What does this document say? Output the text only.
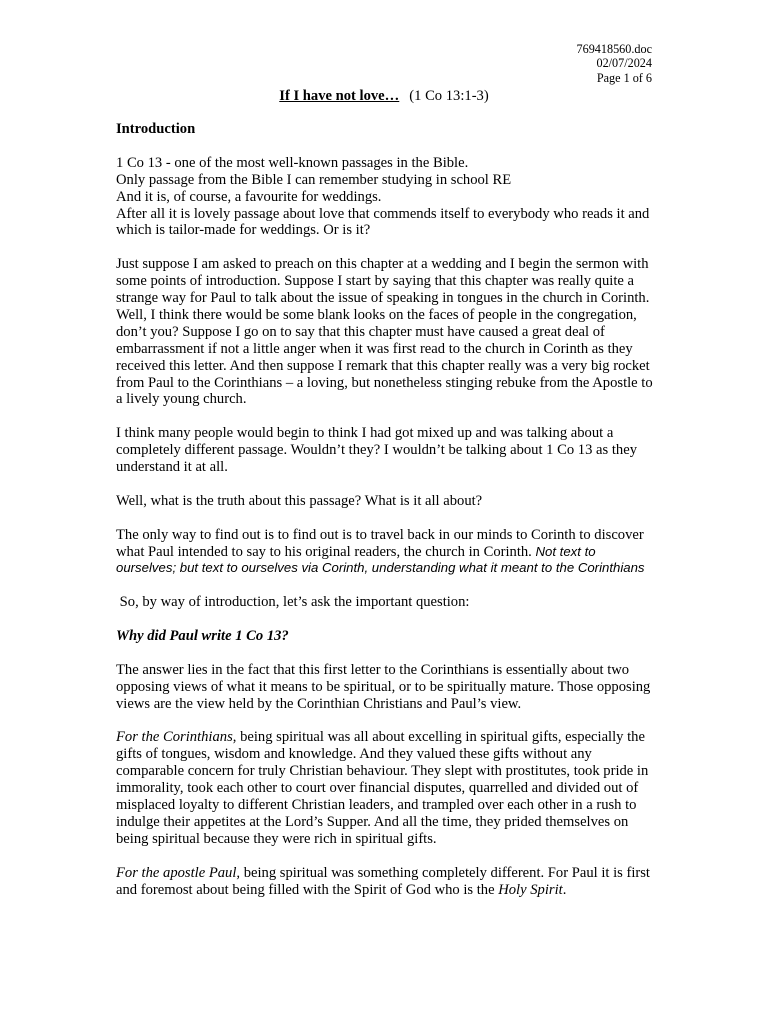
769418560.doc
02/07/2024
Page 1 of 6
If I have not love… (1 Co 13:1-3)

Introduction

1 Co 13 - one of the most well-known passages in the Bible.

Only passage from the Bible I can remember studying in school RE

And it is, of course, a favourite for weddings.

After all it is lovely passage about love that commends itself to everybody who reads it and which is tailor-made for weddings. Or is it?

Just suppose I am asked to preach on this chapter at a wedding and I begin the sermon with some points of introduction. Suppose I start by saying that this chapter was really quite a strange way for Paul to talk about the issue of speaking in tongues in the church in Corinth. Well, I think there would be some blank looks on the faces of people in the congregation, don’t you? Suppose I go on to say that this chapter must have caused a great deal of embarrassment if not a little anger when it was first read to the church in Corinth as they received this letter. And then suppose I remark that this chapter really was a very big rocket from Paul to the Corinthians – a loving, but nonetheless stinging rebuke from the Apostle to a lively young church.

I think many people would begin to think I had got mixed up and was talking about a completely different passage. Wouldn’t they? I wouldn’t be talking about 1 Co 13 as they understand it at all.

Well, what is the truth about this passage? What is it all about?

The only way to find out is to find out is to travel back in our minds to Corinth to discover what Paul intended to say to his original readers, the church in Corinth. Not text to ourselves; but text to ourselves via Corinth, understanding what it meant to the Corinthians

So, by way of introduction, let’s ask the important question:

Why did Paul write 1 Co 13?

The answer lies in the fact that this first letter to the Corinthians is essentially about two opposing views of what it means to be spiritual, or to be spiritually mature. Those opposing views are the view held by the Corinthian Christians and Paul’s view.

For the Corinthians, being spiritual was all about excelling in spiritual gifts, especially the gifts of tongues, wisdom and knowledge. And they valued these gifts without any comparable concern for truly Christian behaviour. They slept with prostitutes, took pride in immorality, took each other to court over financial disputes, quarrelled and divided out of misplaced loyalty to different Christian leaders, and trampled over each other in a rush to indulge their appetites at the Lord’s Supper. And all the time, they prided themselves on being spiritual because they were rich in spiritual gifts.

For the apostle Paul, being spiritual was something completely different. For Paul it is first and foremost about being filled with the Spirit of God who is the Holy Spirit.
